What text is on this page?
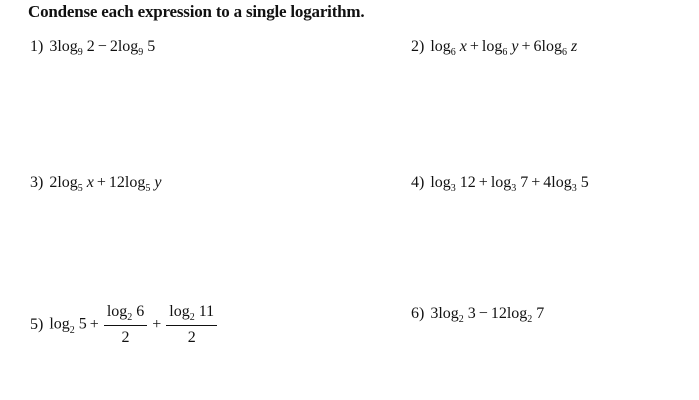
Condense each expression to a single logarithm.
1) $3\log_9$ $2 - 2\log_9$ 5	2) $\log_6 x + \log_6 y + 6\log_6$ z
3) $2\log_5$ $x + 12\log_5$ y	4) $\log_3 12 + \log_3 7 + 4\log_3$ 5
5) $\log_2 5 + \frac{\log_2 6}{2} + \frac{\log_2 11}{2}$	6) $3\log_2$ $3 - 12\log_2$ 7
